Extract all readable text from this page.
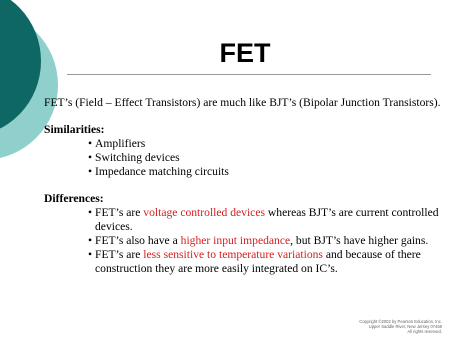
FET

FET’s (Field – Effect Transistors) are much like BJT’s (Bipolar Junction Transistors).

Similarities:

• Amplifiers
• Switching devices
• Impedance matching circuits

Differences:

• FET’s are voltage controlled devices whereas BJT’s are current controlled devices.
• FET’s also have a higher input impedance, but BJT’s have higher gains.
• FET’s are less sensitive to temperature variations and because of there construction they are more easily integrated on IC’s.
Copyright ©2002 by Pearson Education, Inc.
Upper Saddle River, New Jersey 07458
All rights reserved.
